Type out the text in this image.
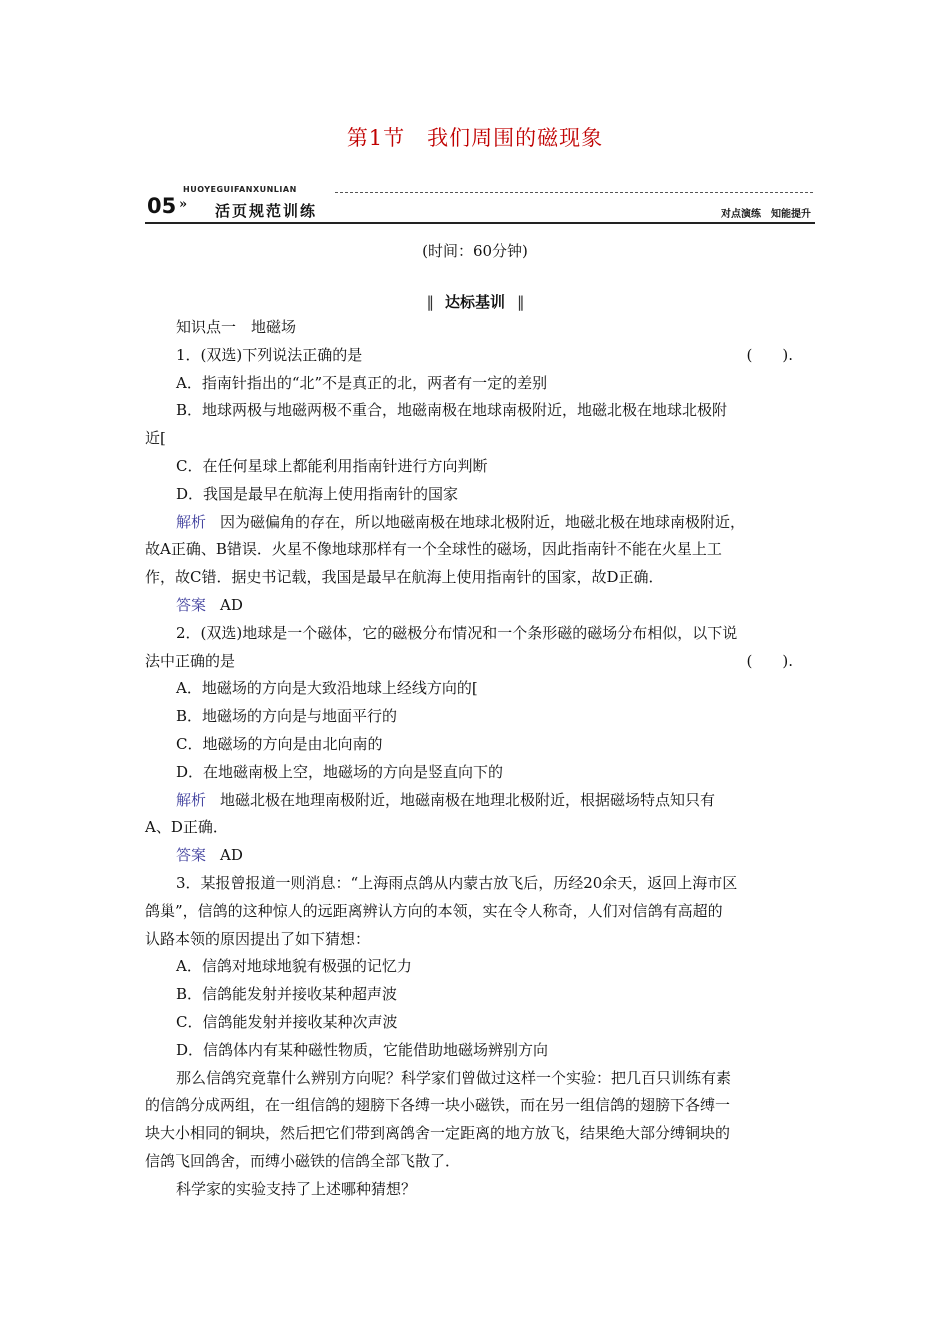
第1节　我们周围的磁现象
HUOYEGUIFANXUNLIAN
05 » 活页规范训练	对点演练　知能提升
(时间：60分钟)
‖ 达标基训 ‖
知识点一　地磁场
1．(双选)下列说法正确的是	(　　).
A．指南针指出的“北”不是真正的北，两者有一定的差别
B．地球两极与地磁两极不重合，地磁南极在地球南极附近，地磁北极在地球北极附
近[
C．在任何星球上都能利用指南针进行方向判断
D．我国是最早在航海上使用指南针的国家
解析 因为磁偏角的存在，所以地磁南极在地球北极附近，地磁北极在地球南极附近，
故A正确、B错误．火星不像地球那样有一个全球性的磁场，因此指南针不能在火星上工
作，故C错．据史书记载，我国是最早在航海上使用指南针的国家，故D正确．
答案 AD
2．(双选)地球是一个磁体，它的磁极分布情况和一个条形磁的磁场分布相似，以下说
法中正确的是	(　　).
A．地磁场的方向是大致沿地球上经线方向的[
B．地磁场的方向是与地面平行的
C．地磁场的方向是由北向南的
D．在地磁南极上空，地磁场的方向是竖直向下的
解析 地磁北极在地理南极附近，地磁南极在地理北极附近，根据磁场特点知只有
A、D正确．
答案 AD
3．某报曾报道一则消息：“上海雨点鸽从内蒙古放飞后，历经20余天，返回上海市区
鸽巢”，信鸽的这种惊人的远距离辨认方向的本领，实在令人称奇，人们对信鸽有高超的
认路本领的原因提出了如下猜想：
A．信鸽对地球地貌有极强的记忆力
B．信鸽能发射并接收某种超声波
C．信鸽能发射并接收某种次声波
D．信鸽体内有某种磁性物质，它能借助地磁场辨别方向
那么信鸽究竟靠什么辨别方向呢？科学家们曾做过这样一个实验：把几百只训练有素
的信鸽分成两组，在一组信鸽的翅膀下各缚一块小磁铁，而在另一组信鸽的翅膀下各缚一
块大小相同的铜块，然后把它们带到离鸽舍一定距离的地方放飞，结果绝大部分缚铜块的
信鸽飞回鸽舍，而缚小磁铁的信鸽全部飞散了．
科学家的实验支持了上述哪种猜想？
